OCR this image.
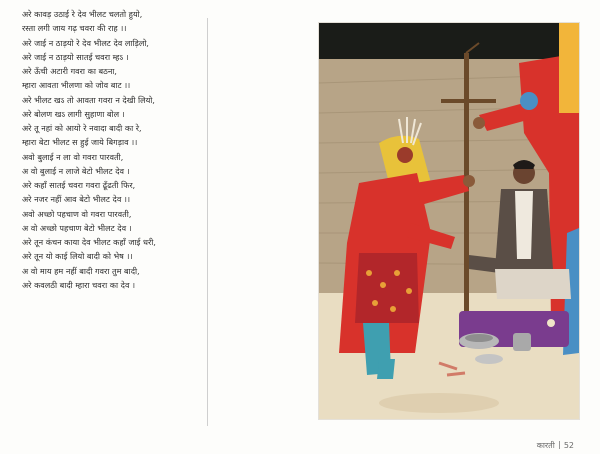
अरे कावड़ उठाई रे देव भीलट चलतो हुयो,
रस्ता लगी जाय गढ़ चवरा की राह ।।
अरे जाई न ठाड़यो रे देव भीलट देव लाड़िलो,
अरे जाई न ठाड़यो सातई चवरा म्हऽ ।
अरे ऊँची अटारी गवरा का बठना,
म्हारा आवता भीलणा को जोव बाट ।।
अरे भीलट खऽ तो आवता गवरा न देखी लियो,
अरे बोलण खऽ लागी सुहाणा बोल ।
अरे तू नहां को आयो रे नवादा बादी का रे,
म्हारा बेटा भीलट स हुई जाये बिगड़ाव ।।
अवो बुलाई न ला वो गवरा पारवती,
अ वो बुलाई न लाजे बेटो भीलट देव ।
अरे कहाँ सातई चवरा गवरा ढूँढती फिर,
अरे नजर नहीं आव बेटो भीलट देव ।।
अवो अच्छो पहचाण वो गवरा पारवती,
अ वो अच्छो पहचाण बेटो भीलट देव ।
अरे तून कंचन काया देव भीलट कहाँ जाई धरी,
अरे तून यो काई लियो बादी को भेष ।।
अ वो माय हम नहीं बादी गवरा तुम बादी,
अरे कवलठी बादी म्हारा चवरा का देव ।
कारती 52
